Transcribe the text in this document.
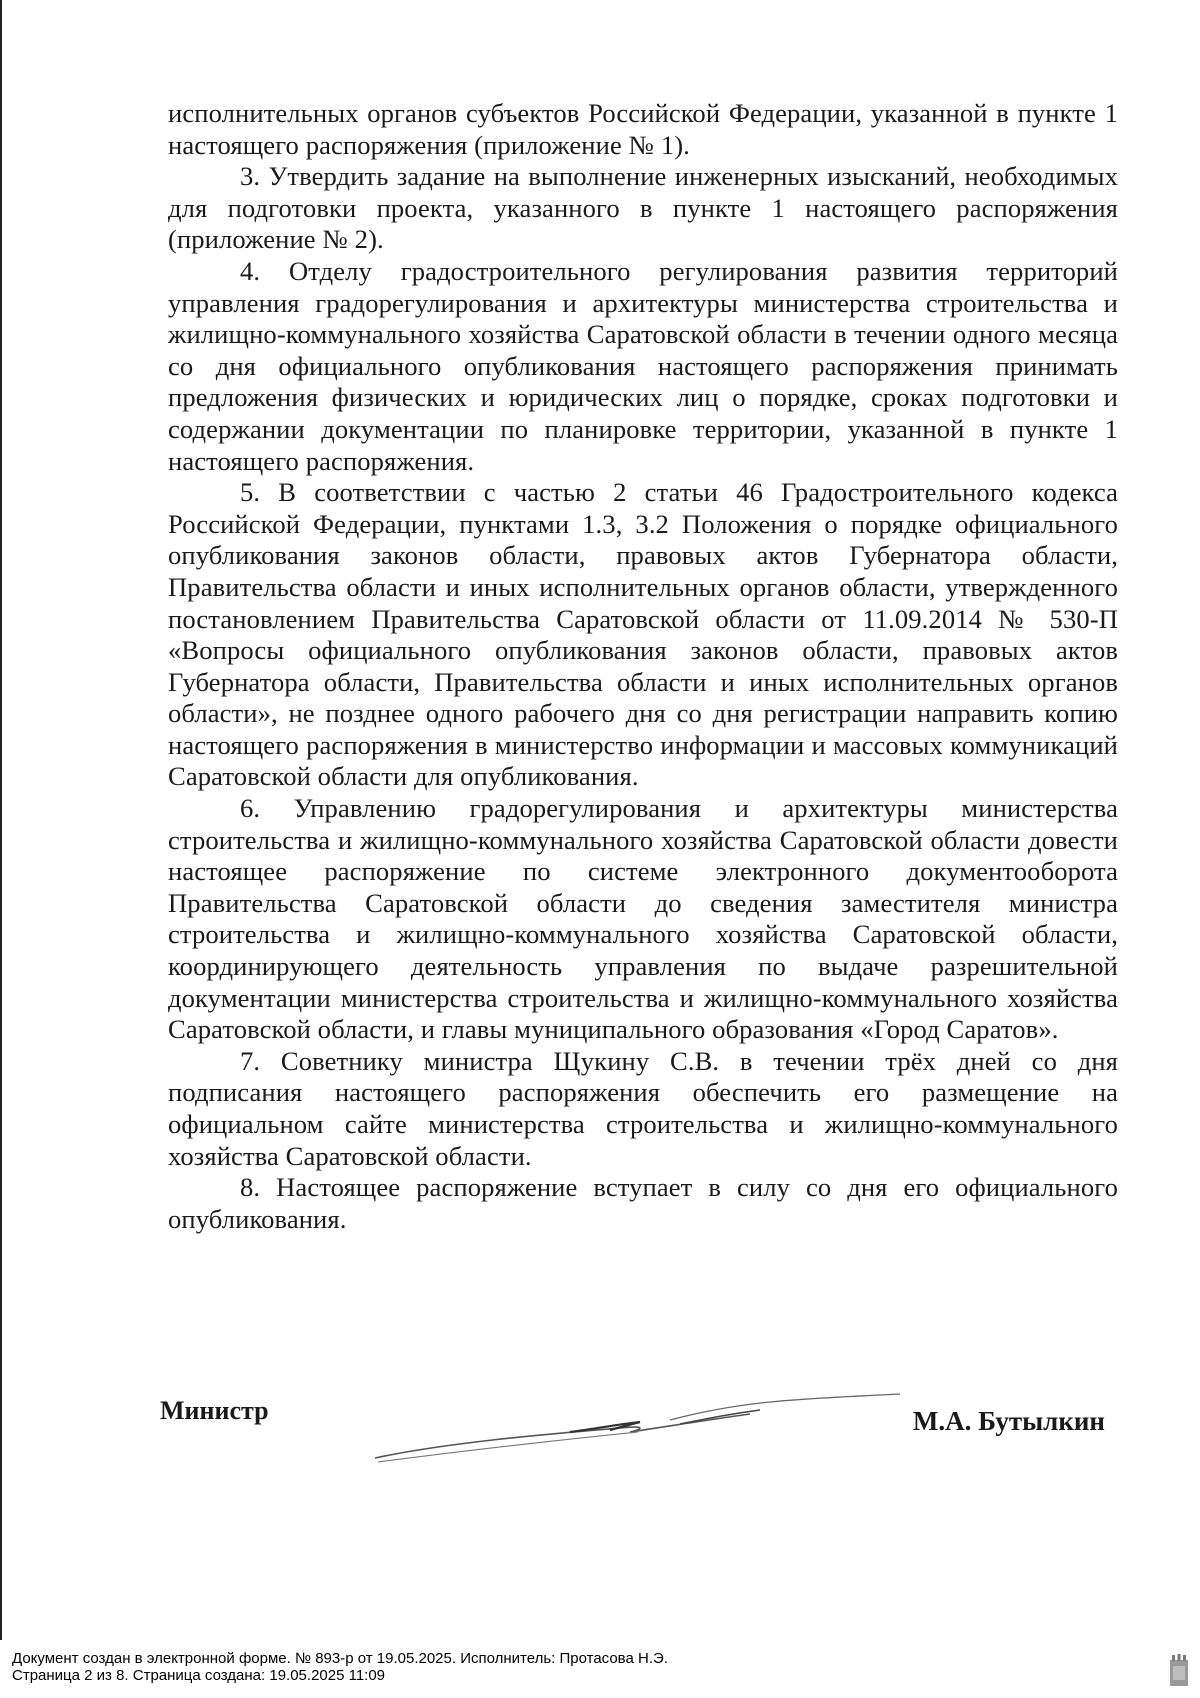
исполнительных органов субъектов Российской Федерации, указанной в пункте 1 настоящего распоряжения (приложение № 1).

3. Утвердить задание на выполнение инженерных изысканий, необходимых для подготовки проекта, указанного в пункте 1 настоящего распоряжения (приложение № 2).

4. Отделу градостроительного регулирования развития территорий управления градорегулирования и архитектуры министерства строительства и жилищно-коммунального хозяйства Саратовской области в течении одного месяца со дня официального опубликования настоящего распоряжения принимать предложения физических и юридических лиц о порядке, сроках подготовки и содержании документации по планировке территории, указанной в пункте 1 настоящего распоряжения.

5. В соответствии с частью 2 статьи 46 Градостроительного кодекса Российской Федерации, пунктами 1.3, 3.2 Положения о порядке официального опубликования законов области, правовых актов Губернатора области, Правительства области и иных исполнительных органов области, утвержденного постановлением Правительства Саратовской области от 11.09.2014 № 530-П «Вопросы официального опубликования законов области, правовых актов Губернатора области, Правительства области и иных исполнительных органов области», не позднее одного рабочего дня со дня регистрации направить копию настоящего распоряжения в министерство информации и массовых коммуникаций Саратовской области для опубликования.

6. Управлению градорегулирования и архитектуры министерства строительства и жилищно-коммунального хозяйства Саратовской области довести настоящее распоряжение по системе электронного документооборота Правительства Саратовской области до сведения заместителя министра строительства и жилищно-коммунального хозяйства Саратовской области, координирующего деятельность управления по выдаче разрешительной документации министерства строительства и жилищно-коммунального хозяйства Саратовской области, и главы муниципального образования «Город Саратов».

7. Советнику министра Щукину С.В. в течении трёх дней со дня подписания настоящего распоряжения обеспечить его размещение на официальном сайте министерства строительства и жилищно-коммунального хозяйства Саратовской области.

8. Настоящее распоряжение вступает в силу со дня его официального опубликования.

Министр	М.А. Бутылкин
Документ создан в электронной форме. № 893-р от 19.05.2025. Исполнитель: Протасова Н.Э.
Страница 2 из 8. Страница создана: 19.05.2025 11:09
